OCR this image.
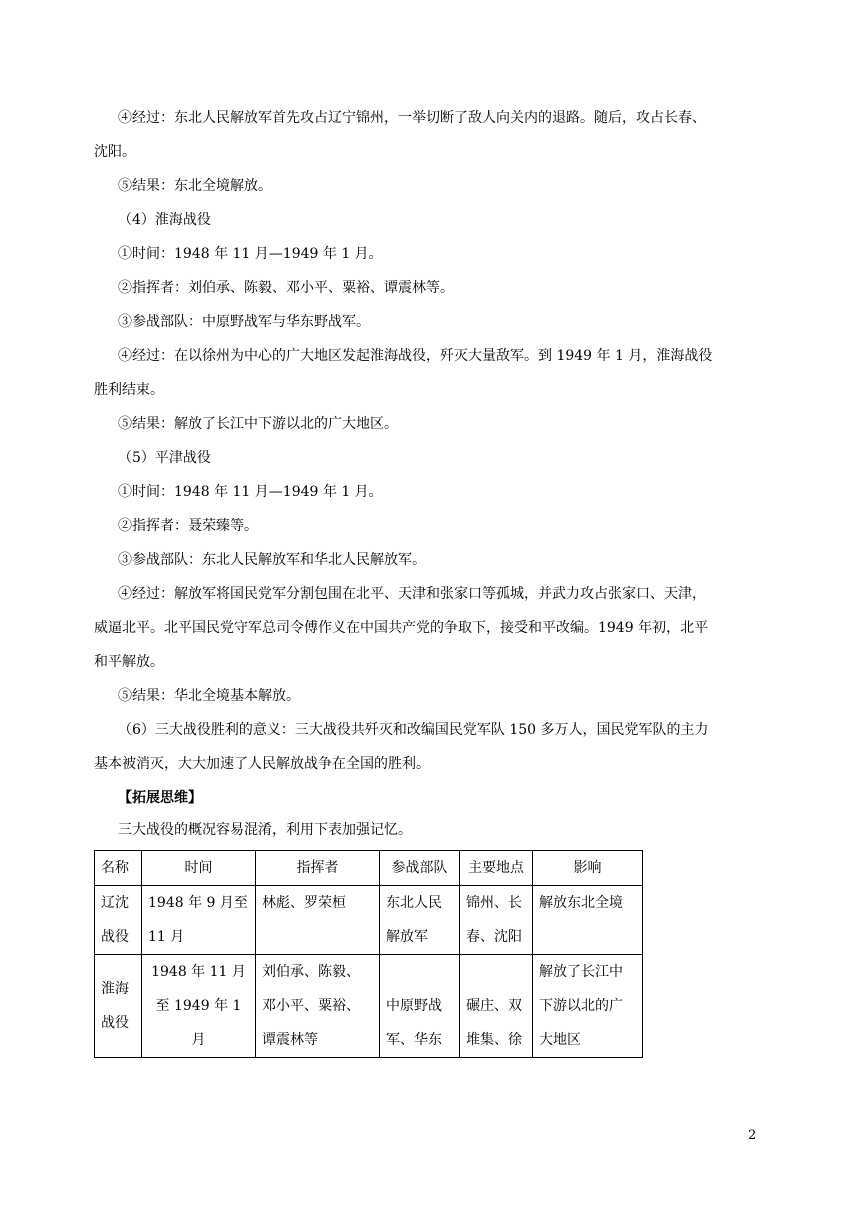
④经过：东北人民解放军首先攻占辽宁锦州，一举切断了敌人向关内的退路。随后，攻占长春、
沈阳。
⑤结果：东北全境解放。
（4）淮海战役
①时间：1948 年 11 月—1949 年 1 月。
②指挥者：刘伯承、陈毅、邓小平、粟裕、谭震林等。
③参战部队：中原野战军与华东野战军。
④经过：在以徐州为中心的广大地区发起淮海战役，歼灭大量敌军。到 1949 年 1 月，淮海战役
胜利结束。
⑤结果：解放了长江中下游以北的广大地区。
（5）平津战役
①时间：1948 年 11 月—1949 年 1 月。
②指挥者：聂荣臻等。
③参战部队：东北人民解放军和华北人民解放军。
④经过：解放军将国民党军分割包围在北平、天津和张家口等孤城，并武力攻占张家口、天津，
威逼北平。北平国民党守军总司令傅作义在中国共产党的争取下，接受和平改编。1949 年初，北平
和平解放。
⑤结果：华北全境基本解放。
（6）三大战役胜利的意义：三大战役共歼灭和改编国民党军队 150 多万人，国民党军队的主力
基本被消灭，大大加速了人民解放战争在全国的胜利。
【拓展思维】
三大战役的概况容易混淆，利用下表加强记忆。
名称	时间	指挥者	参战部队	主要地点	影响
辽沈战役	1948 年 9 月至 11 月	林彪、罗荣桓	东北人民解放军	锦州、长春、沈阳	解放东北全境
淮海战役	1948 年 11 月至 1949 年 1 月	刘伯承、陈毅、邓小平、粟裕、谭震林等	中原野战军、华东	碾庄、双堆集、徐	解放了长江中下游以北的广大地区
2
